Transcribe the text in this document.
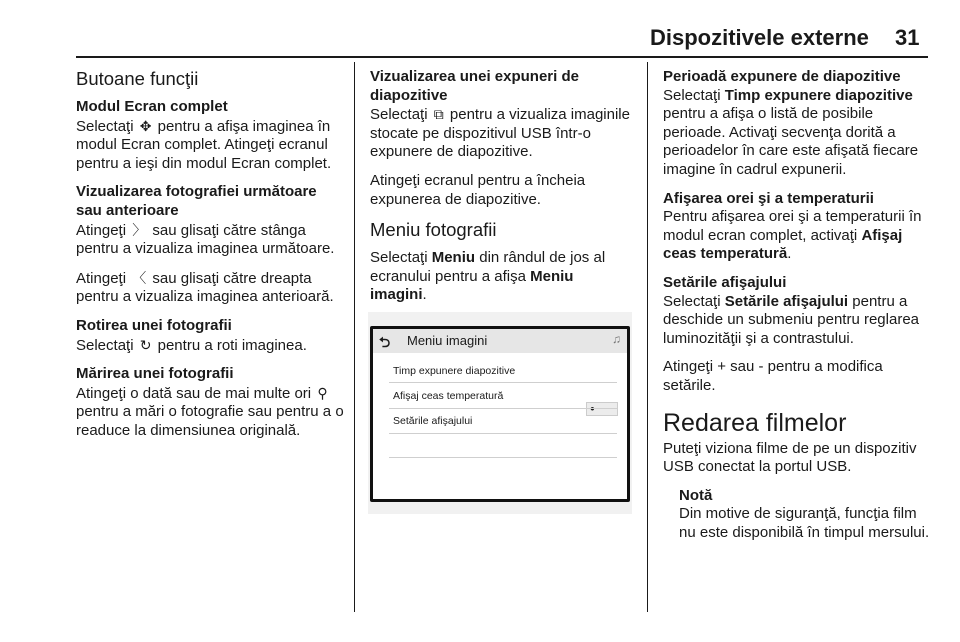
Dispozitivele externe 31
Butoane funcţii

Modul Ecran complet

Selectaţi ✥ pentru a afişa imaginea în modul Ecran complet. Atingeţi ecranul pentru a ieşi din modul Ecran complet.

Vizualizarea fotografiei următoare sau anterioare

Atingeţi 〉 sau glisaţi către stânga pentru a vizualiza imaginea următoare.

Atingeţi 〈 sau glisaţi către dreapta pentru a vizualiza imaginea anterioară.

Rotirea unei fotografii

Selectaţi ↻ pentru a roti imaginea.

Mărirea unei fotografii

Atingeţi o dată sau de mai multe ori ⚲ pentru a mări o fotografie sau pentru a o readuce la dimensiunea originală.

Vizualizarea unei expuneri de diapozitive

Selectaţi ⧉ pentru a vizualiza imaginile stocate pe dispozitivul USB într-o expunere de diapozitive.

Atingeţi ecranul pentru a încheia expunerea de diapozitive.

Meniu fotografii

Selectaţi Meniu din rândul de jos al ecranului pentru a afişa Meniu imagini.

⮌ Meniu imagini	♫
Timp expunere diapozitive
Afişaj ceas temperatură
Setările afişajului

Perioadă expunere de diapozitive

Selectaţi Timp expunere diapozitive pentru a afişa o listă de posibile perioade. Activaţi secvenţa dorită a perioadelor în care este afişată fiecare imagine în cadrul expunerii.

Afişarea orei şi a temperaturii

Pentru afişarea orei şi a temperaturii în modul ecran complet, activaţi Afişaj ceas temperatură.

Setările afişajului

Selectaţi Setările afişajului pentru a deschide un submeniu pentru reglarea luminozităţii şi a contrastului.

Atingeţi + sau - pentru a modifica setările.

Redarea filmelor

Puteţi viziona filme de pe un dispozitiv USB conectat la portul USB.

Notă

Din motive de siguranţă, funcţia film nu este disponibilă în timpul mersului.
